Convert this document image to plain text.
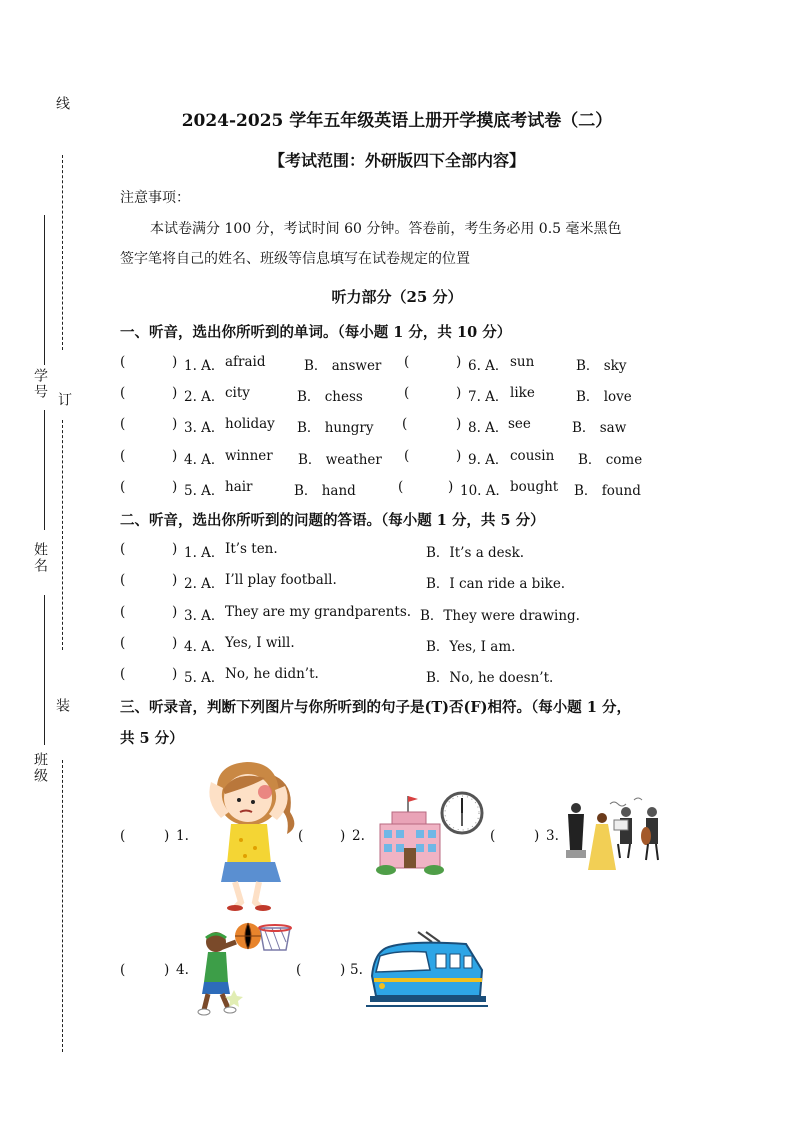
线
学号 订
姓名
装
班级
2024-2025 学年五年级英语上册开学摸底考试卷（二）
【考试范围：外研版四下全部内容】
注意事项：
本试卷满分 100 分，考试时间 60 分钟。答卷前，考生务必用 0.5 毫米黑色
签字笔将自己的姓名、班级等信息填写在试卷规定的位置
听力部分（25 分）
一、听音，选出你所听到的单词。（每小题 1 分，共 10 分）
(	) 1. A． afraid	B． answer (	) 6. A． sun	B． sky
(	) 2. A． city	B． chess	(	) 7. A． like	B． love
(	) 3. A． holiday B． hungry (	) 8. A． see	B． saw
(	) 4. A． winner B． weather (	) 9. A． cousin B． come
(	) 5. A． hair	B． hand	(	) 10. A． bought B． found
二、听音，选出你所听到的问题的答语。（每小题 1 分，共 5 分）
(	) 1. A． It’s ten.	B．It’s a desk.
(	) 2. A． I’ll play football.	B．I can ride a bike.
(	) 3. A． They are my grandparents. B．They were drawing.
(	) 4. A． Yes, I will.	B．Yes, I am.
(	) 5. A． No, he didn’t.	B．No, he doesn’t.
三、听录音，判断下列图片与你所听到的句子是(T)否(F)相符。（每小题 1 分，
共 5 分）
(	) 1.	(	) 2.	(	) 3.
(	) 4.	(	) 5.
